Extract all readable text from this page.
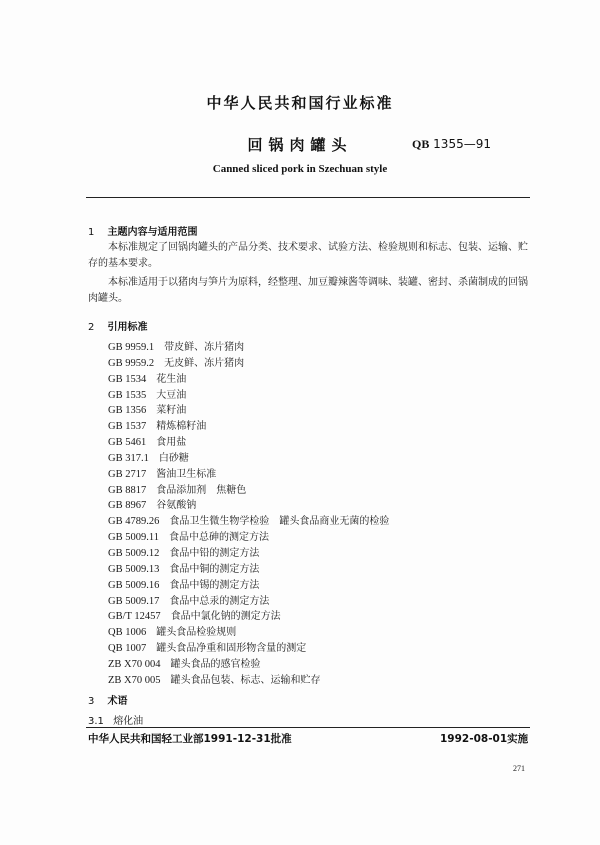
中华人民共和国行业标准
回锅肉罐头	QB 1355—91
Canned sliced pork in Szechuan style
1 主题内容与适用范围
本标准规定了回锅肉罐头的产品分类、技术要求、试验方法、检验规则和标志、包装、运输、贮存的基本要求。
本标准适用于以猪肉与笋片为原料，经整理、加豆瓣辣酱等调味、装罐、密封、杀菌制成的回锅肉罐头。
2 引用标准
GB 9959.1 带皮鲜、冻片猪肉
GB 9959.2 无皮鲜、冻片猪肉
GB 1534 花生油
GB 1535 大豆油
GB 1356 菜籽油
GB 1537 精炼棉籽油
GB 5461 食用盐
GB 317.1 白砂糖
GB 2717 酱油卫生标准
GB 8817 食品添加剂　焦糖色
GB 8967 谷氨酸钠
GB 4789.26 食品卫生微生物学检验　罐头食品商业无菌的检验
GB 5009.11 食品中总砷的测定方法
GB 5009.12 食品中铅的测定方法
GB 5009.13 食品中铜的测定方法
GB 5009.16 食品中锡的测定方法
GB 5009.17 食品中总汞的测定方法
GB/T 12457 食品中氯化钠的测定方法
QB 1006 罐头食品检验规则
QB 1007 罐头食品净重和固形物含量的测定
ZB X70 004 罐头食品的感官检验
ZB X70 005 罐头食品包装、标志、运输和贮存
3 术语
3.1 熔化油
中华人民共和国轻工业部1991-12-31批准	1992-08-01实施
271
